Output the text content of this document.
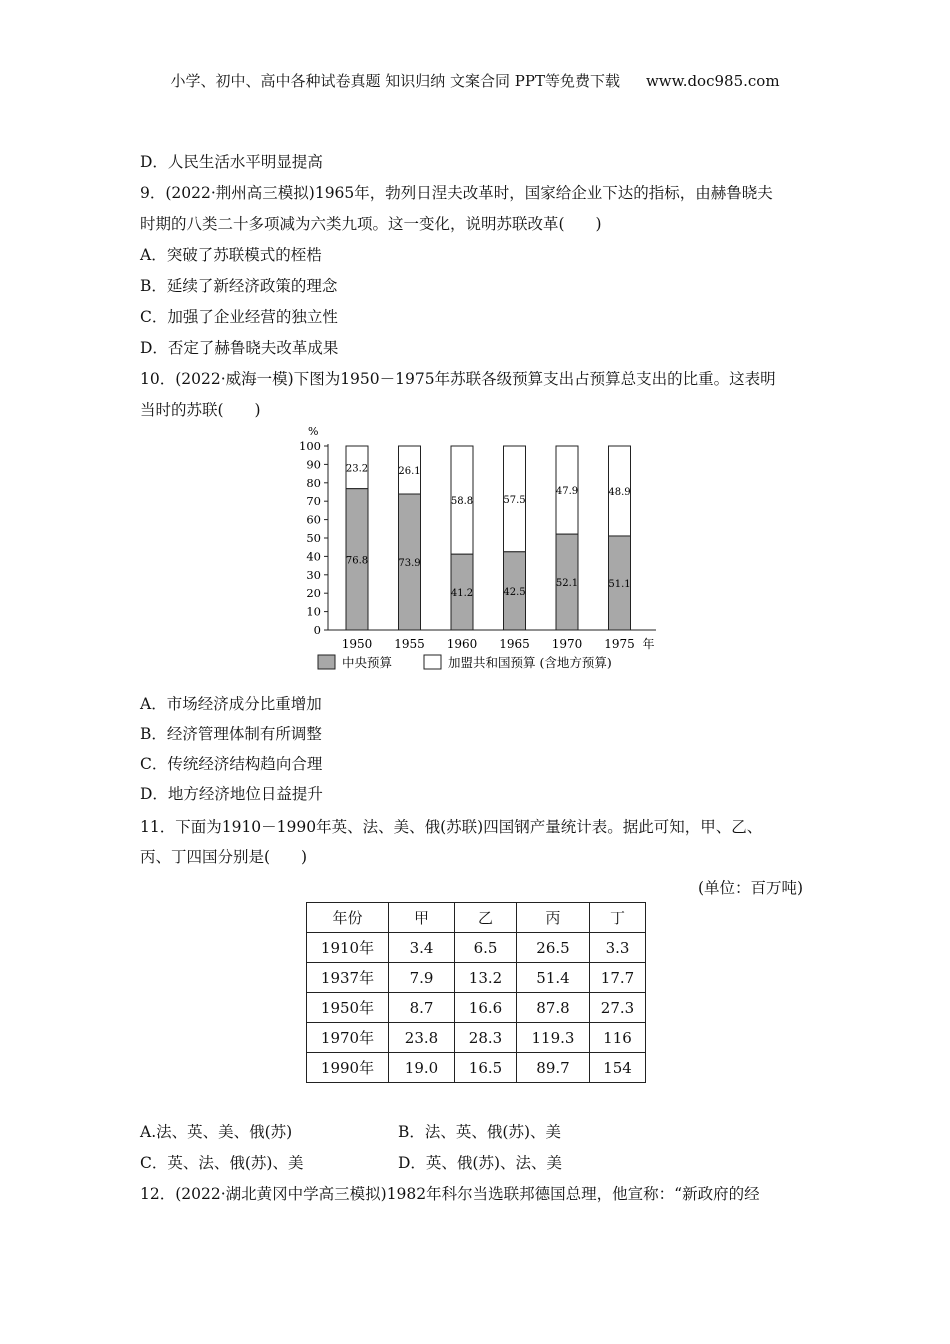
小学、初中、高中各种试卷真题 知识归纳 文案合同 PPT等免费下载 www.doc985.com
D．人民生活水平明显提高
9．(2022·荆州高三模拟)1965年，勃列日涅夫改革时，国家给企业下达的指标，由赫鲁晓夫
时期的八类二十多项减为六类九项。这一变化，说明苏联改革(　　)
A．突破了苏联模式的桎梏
B．延续了新经济政策的理念
C．加强了企业经营的独立性
D．否定了赫鲁晓夫改革成果
10．(2022·威海一模)下图为1950－1975年苏联各级预算支出占预算总支出的比重。这表明
当时的苏联(　　)
%
0
10
20
30
40
50
60
70
80
90
100
76.8
23.2
1950
73.9
26.1
1955
41.2
58.8
1960
42.5
57.5
1965
52.1
47.9
1970
51.1
48.9
1975 年
中央预算	加盟共和国预算 (含地方预算)
A．市场经济成分比重增加
B．经济管理体制有所调整
C．传统经济结构趋向合理
D．地方经济地位日益提升
11．下面为1910－1990年英、法、美、俄(苏联)四国钢产量统计表。据此可知，甲、乙、
丙、丁四国分别是(　　)
(单位：百万吨)
年份	甲	乙	丙	丁
1910年	3.4	6.5	26.5	3.3
1937年	7.9	13.2	51.4	17.7
1950年	8.7	16.6	87.8	27.3
1970年	23.8	28.3	119.3	116
1990年	19.0	16.5	89.7	154
A.法、英、美、俄(苏)	B．法、英、俄(苏)、美
C．英、法、俄(苏)、美	D．英、俄(苏)、法、美
12．(2022·湖北黄冈中学高三模拟)1982年科尔当选联邦德国总理，他宣称：“新政府的经
